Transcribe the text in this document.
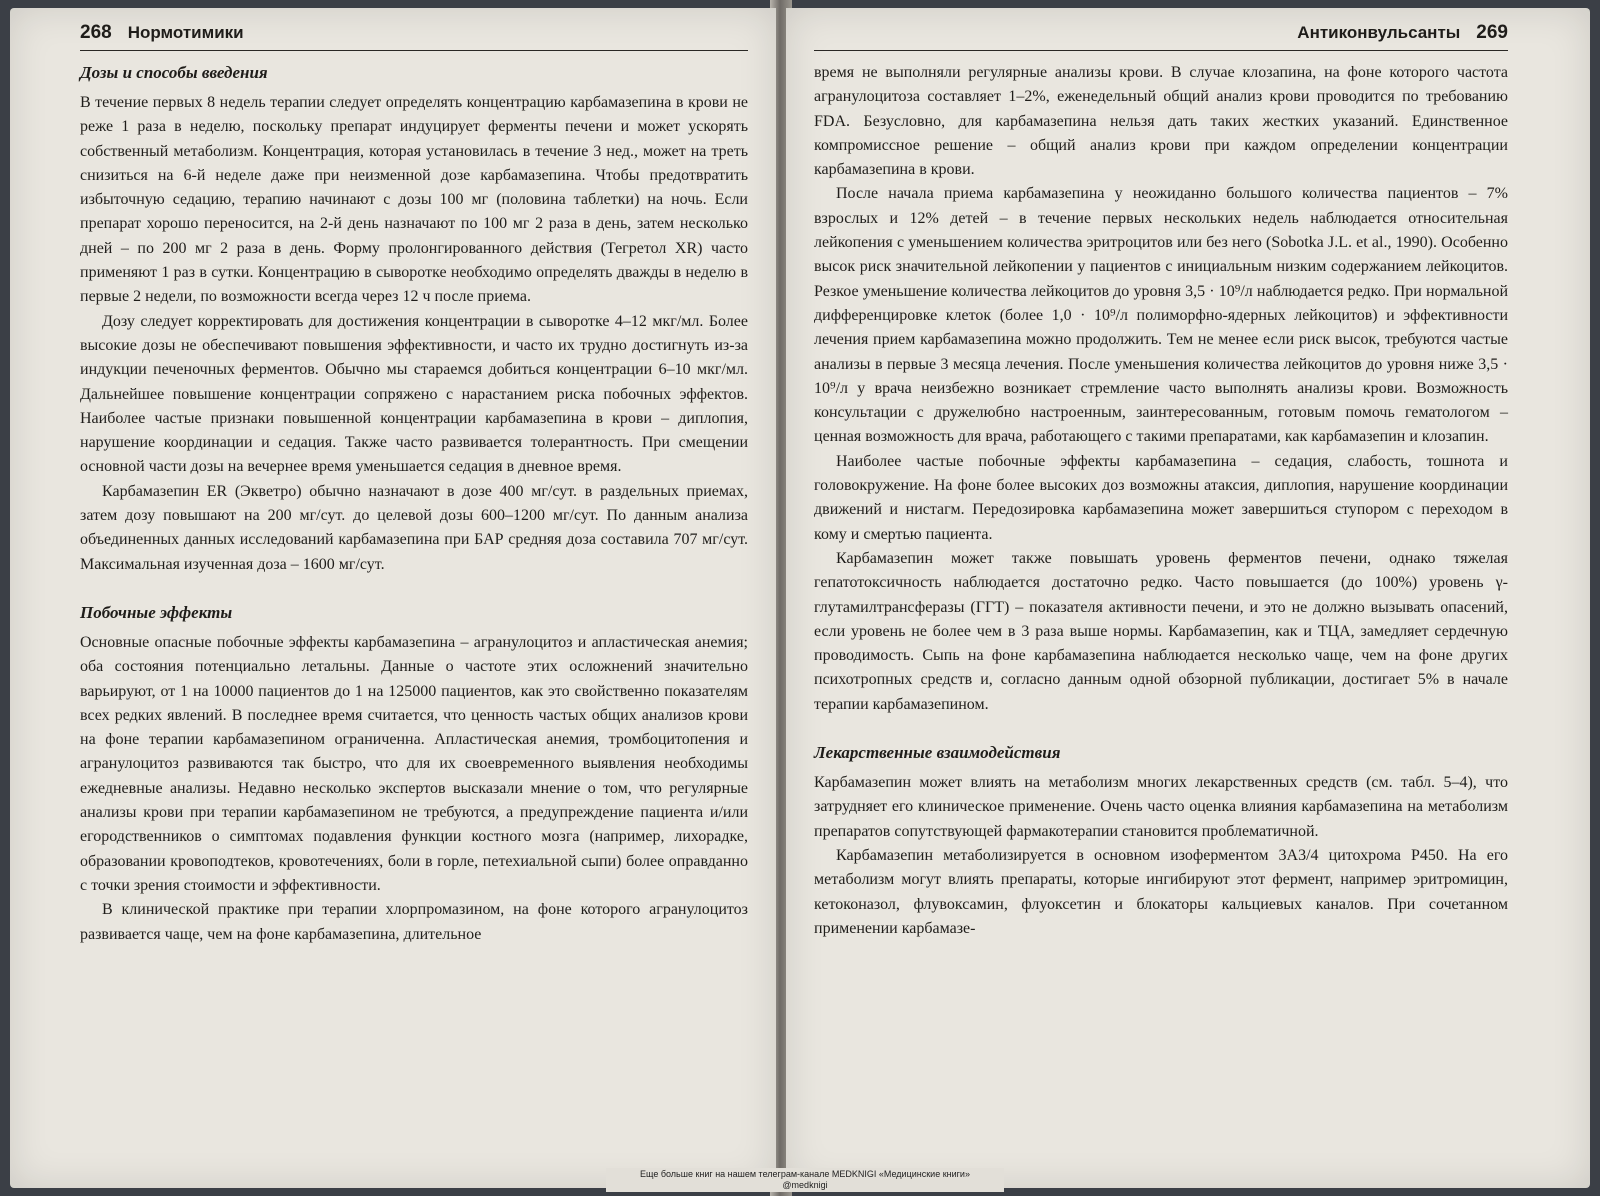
268 Нормотимики
Дозы и способы введения

В течение первых 8 недель терапии следует определять концентрацию карбамазепина в крови не реже 1 раза в неделю, поскольку препарат индуцирует ферменты печени и может ускорять собственный метаболизм. Концентрация, которая установилась в течение 3 нед., может на треть снизиться на 6-й неделе даже при неизменной дозе карбамазепина. Чтобы предотвратить избыточную седацию, терапию начинают с дозы 100 мг (половина таблетки) на ночь. Если препарат хорошо переносится, на 2-й день назначают по 100 мг 2 раза в день, затем несколько дней – по 200 мг 2 раза в день. Форму пролонгированного действия (Тегретол XR) часто применяют 1 раз в сутки. Концентрацию в сыворотке необходимо определять дважды в неделю в первые 2 недели, по возможности всегда через 12 ч после приема.

Дозу следует корректировать для достижения концентрации в сыворотке 4–12 мкг/мл. Более высокие дозы не обеспечивают повышения эффективности, и часто их трудно достигнуть из-за индукции печеночных ферментов. Обычно мы стараемся добиться концентрации 6–10 мкг/мл. Дальнейшее повышение концентрации сопряжено с нарастанием риска побочных эффектов. Наиболее частые признаки повышенной концентрации карбамазепина в крови – диплопия, нарушение координации и седация. Также часто развивается толерантность. При смещении основной части дозы на вечернее время уменьшается седация в дневное время.

Карбамазепин ER (Экветро) обычно назначают в дозе 400 мг/сут. в раздельных приемах, затем дозу повышают на 200 мг/сут. до целевой дозы 600–1200 мг/сут. По данным анализа объединенных данных исследований карбамазепина при БАР средняя доза составила 707 мг/сут. Максимальная изученная доза – 1600 мг/сут.

Побочные эффекты

Основные опасные побочные эффекты карбамазепина – агранулоцитоз и апластическая анемия; оба состояния потенциально летальны. Данные о частоте этих осложнений значительно варьируют, от 1 на 10000 пациентов до 1 на 125000 пациентов, как это свойственно показателям всех редких явлений. В последнее время считается, что ценность частых общих анализов крови на фоне терапии карбамазепином ограниченна. Апластическая анемия, тромбоцитопения и агранулоцитоз развиваются так быстро, что для их своевременного выявления необходимы ежедневные анализы. Недавно несколько экспертов высказали мнение о том, что регулярные анализы крови при терапии карбамазепином не требуются, а предупреждение пациента и/или егородственников о симптомах подавления функции костного мозга (например, лихорадке, образовании кровоподтеков, кровотечениях, боли в горле, петехиальной сыпи) более оправданно с точки зрения стоимости и эффективности.

В клинической практике при терапии хлорпромазином, на фоне которого агранулоцитоз развивается чаще, чем на фоне карбамазепина, длительное

Антиконвульсанты 269

время не выполняли регулярные анализы крови. В случае клозапина, на фоне которого частота агранулоцитоза составляет 1–2%, еженедельный общий анализ крови проводится по требованию FDA. Безусловно, для карбамазепина нельзя дать таких жестких указаний. Единственное компромиссное решение – общий анализ крови при каждом определении концентрации карбамазепина в крови.

После начала приема карбамазепина у неожиданно большого количества пациентов – 7% взрослых и 12% детей – в течение первых нескольких недель наблюдается относительная лейкопения с уменьшением количества эритроцитов или без него (Sobotka J.L. et al., 1990). Особенно высок риск значительной лейкопении у пациентов с инициальным низким содержанием лейкоцитов. Резкое уменьшение количества лейкоцитов до уровня 3,5 · 10⁹/л наблюдается редко. При нормальной дифференцировке клеток (более 1,0 · 10⁹/л полиморфно-ядерных лейкоцитов) и эффективности лечения прием карбамазепина можно продолжить. Тем не менее если риск высок, требуются частые анализы в первые 3 месяца лечения. После уменьшения количества лейкоцитов до уровня ниже 3,5 · 10⁹/л у врача неизбежно возникает стремление часто выполнять анализы крови. Возможность консультации с дружелюбно настроенным, заинтересованным, готовым помочь гематологом – ценная возможность для врача, работающего с такими препаратами, как карбамазепин и клозапин.

Наиболее частые побочные эффекты карбамазепина – седация, слабость, тошнота и головокружение. На фоне более высоких доз возможны атаксия, диплопия, нарушение координации движений и нистагм. Передозировка карбамазепина может завершиться ступором с переходом в кому и смертью пациента.

Карбамазепин может также повышать уровень ферментов печени, однако тяжелая гепатотоксичность наблюдается достаточно редко. Часто повышается (до 100%) уровень γ-глутамилтрансферазы (ГГТ) – показателя активности печени, и это не должно вызывать опасений, если уровень не более чем в 3 раза выше нормы. Карбамазепин, как и ТЦА, замедляет сердечную проводимость. Сыпь на фоне карбамазепина наблюдается несколько чаще, чем на фоне других психотропных средств и, согласно данным одной обзорной публикации, достигает 5% в начале терапии карбамазепином.

Лекарственные взаимодействия

Карбамазепин может влиять на метаболизм многих лекарственных средств (см. табл. 5–4), что затрудняет его клиническое применение. Очень часто оценка влияния карбамазепина на метаболизм препаратов сопутствующей фармакотерапии становится проблематичной.

Карбамазепин метаболизируется в основном изоферментом 3А3/4 цитохрома Р450. На его метаболизм могут влиять препараты, которые ингибируют этот фермент, например эритромицин, кетоконазол, флувоксамин, флуоксетин и блокаторы кальциевых каналов. При сочетанном применении карбамазе-

Еще больше книг на нашем телеграм-канале MEDKNIGI «Медицинские книги»
@medknigi
